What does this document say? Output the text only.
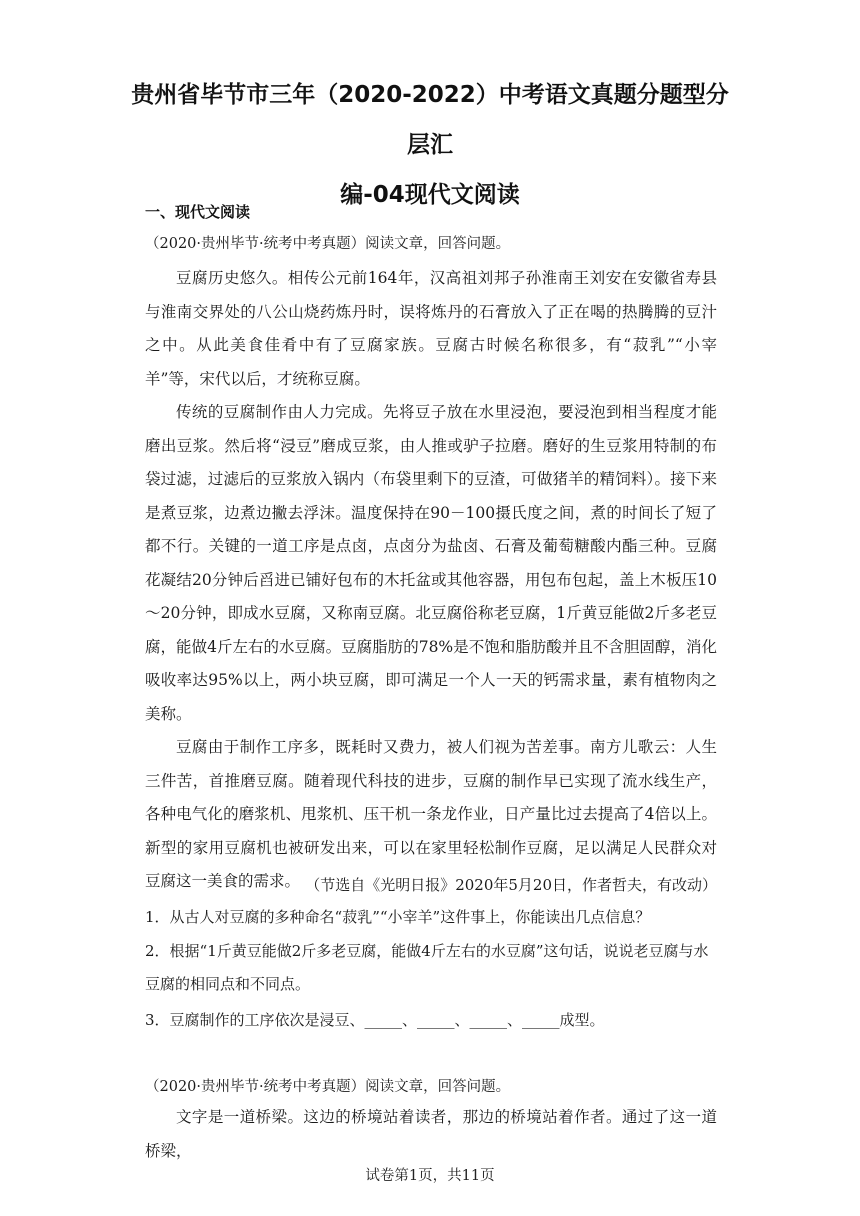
贵州省毕节市三年（2020-2022）中考语文真题分题型分层汇
编-04现代文阅读
一、现代文阅读
（2020·贵州毕节·统考中考真题）阅读文章，回答问题。
豆腐历史悠久。相传公元前164年，汉高祖刘邦子孙淮南王刘安在安徽省寿县与淮南交界处的八公山烧药炼丹时，误将炼丹的石膏放入了正在喝的热腾腾的豆汁之中。从此美食佳肴中有了豆腐家族。豆腐古时候名称很多，有“菽乳”“小宰羊”等，宋代以后，才统称豆腐。
传统的豆腐制作由人力完成。先将豆子放在水里浸泡，要浸泡到相当程度才能磨出豆浆。然后将“浸豆”磨成豆浆，由人推或驴子拉磨。磨好的生豆浆用特制的布袋过滤，过滤后的豆浆放入锅内（布袋里剩下的豆渣，可做猪羊的精饲料）。接下来是煮豆浆，边煮边撇去浮沫。温度保持在90－100摄氏度之间，煮的时间长了短了都不行。关键的一道工序是点卤，点卤分为盐卤、石膏及葡萄糖酸内酯三种。豆腐花凝结20分钟后舀进已铺好包布的木托盆或其他容器，用包布包起，盖上木板压10～20分钟，即成水豆腐，又称南豆腐。北豆腐俗称老豆腐，1斤黄豆能做2斤多老豆腐，能做4斤左右的水豆腐。豆腐脂肪的78%是不饱和脂肪酸并且不含胆固醇，消化吸收率达95%以上，两小块豆腐，即可满足一个人一天的钙需求量，素有植物肉之美称。
豆腐由于制作工序多，既耗时又费力，被人们视为苦差事。南方儿歌云：人生三件苦，首推磨豆腐。随着现代科技的进步，豆腐的制作早已实现了流水线生产，各种电气化的磨浆机、甩浆机、压干机一条龙作业，日产量比过去提高了4倍以上。新型的家用豆腐机也被研发出来，可以在家里轻松制作豆腐，足以满足人民群众对豆腐这一美食的需求。 （节选自《光明日报》2020年5月20日，作者哲夫，有改动）
1．从古人对豆腐的多种命名“菽乳”“小宰羊”这件事上，你能读出几点信息？
2．根据“1斤黄豆能做2斤多老豆腐，能做4斤左右的水豆腐”这句话，说说老豆腐与水豆腐的相同点和不同点。
3．豆腐制作的工序依次是浸豆、_____、_____、_____、_____成型。
（2020·贵州毕节·统考中考真题）阅读文章，回答问题。
文字是一道桥梁。这边的桥境站着读者，那边的桥境站着作者。通过了这一道桥梁，
试卷第1页，共11页
